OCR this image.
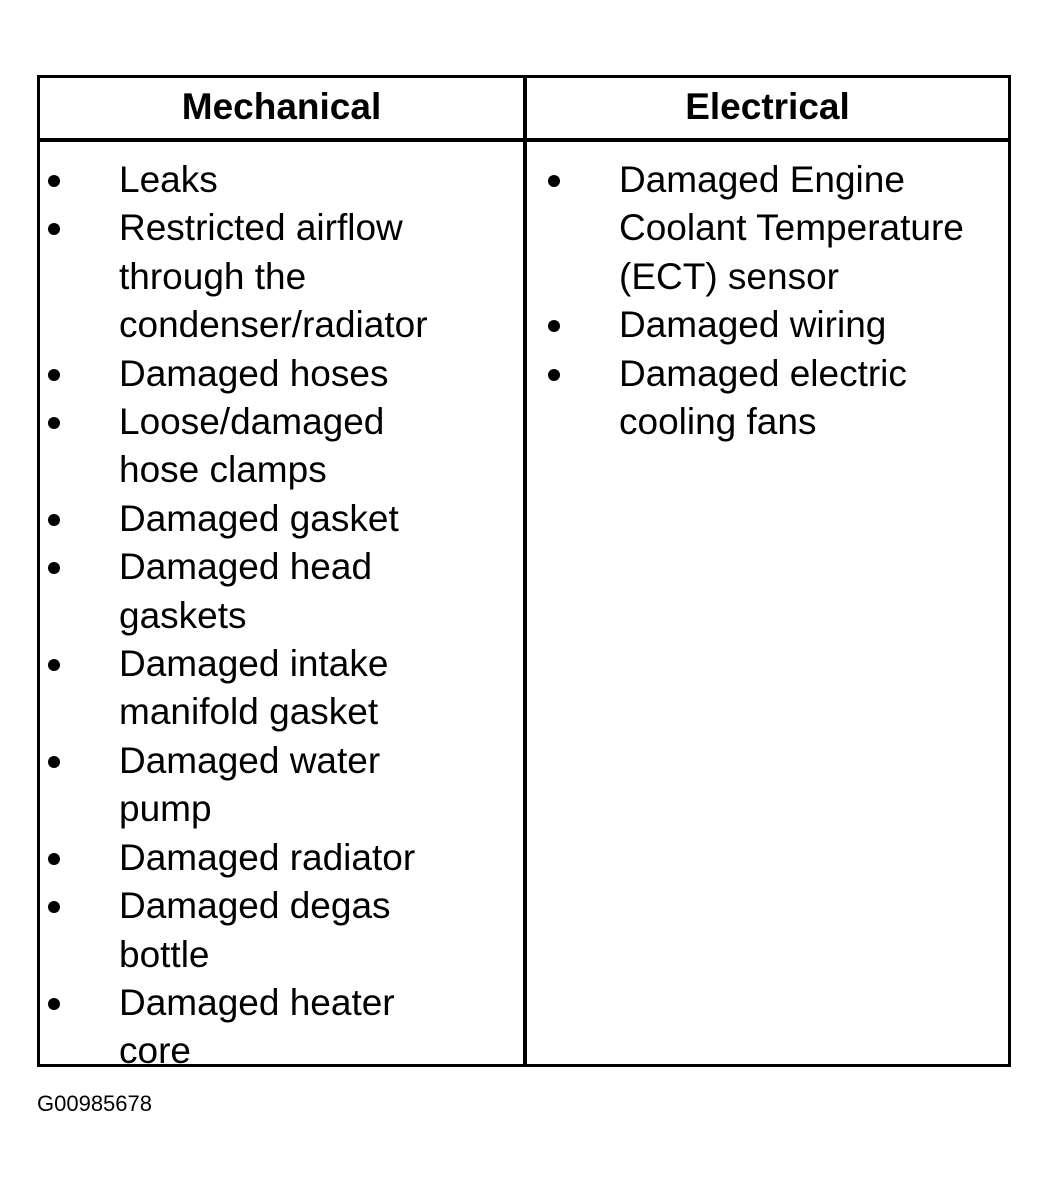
Mechanical	Electrical
Leaks
Restricted airflow
through the
condenser/radiator
Damaged hoses
Loose/damaged
hose clamps
Damaged gasket
Damaged head
gaskets
Damaged intake
manifold gasket
Damaged water
pump
Damaged radiator
Damaged degas
bottle
Damaged heater
core
Damaged Engine
Coolant Temperature
(ECT) sensor
Damaged wiring
Damaged electric
cooling fans
G00985678
